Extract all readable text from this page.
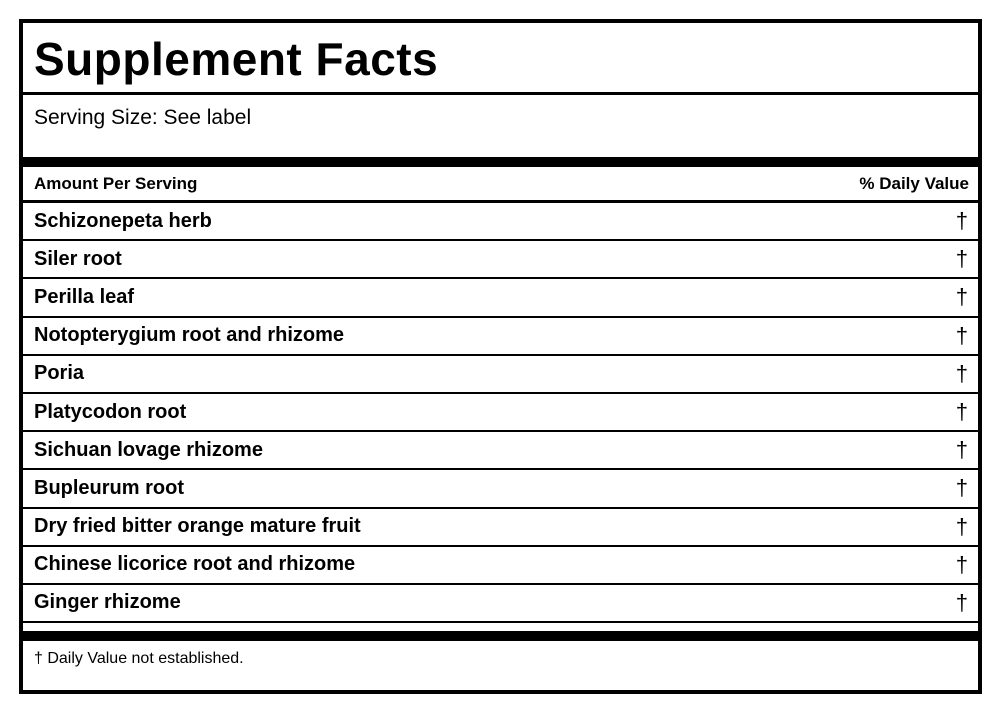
Supplement Facts
Serving Size: See label
Amount Per Serving	% Daily Value
Schizonepeta herb	†
Siler root	†
Perilla leaf	†
Notopterygium root and rhizome	†
Poria	†
Platycodon root	†
Sichuan lovage rhizome	†
Bupleurum root	†
Dry fried bitter orange mature fruit	†
Chinese licorice root and rhizome	†
Ginger rhizome	†
† Daily Value not established.
